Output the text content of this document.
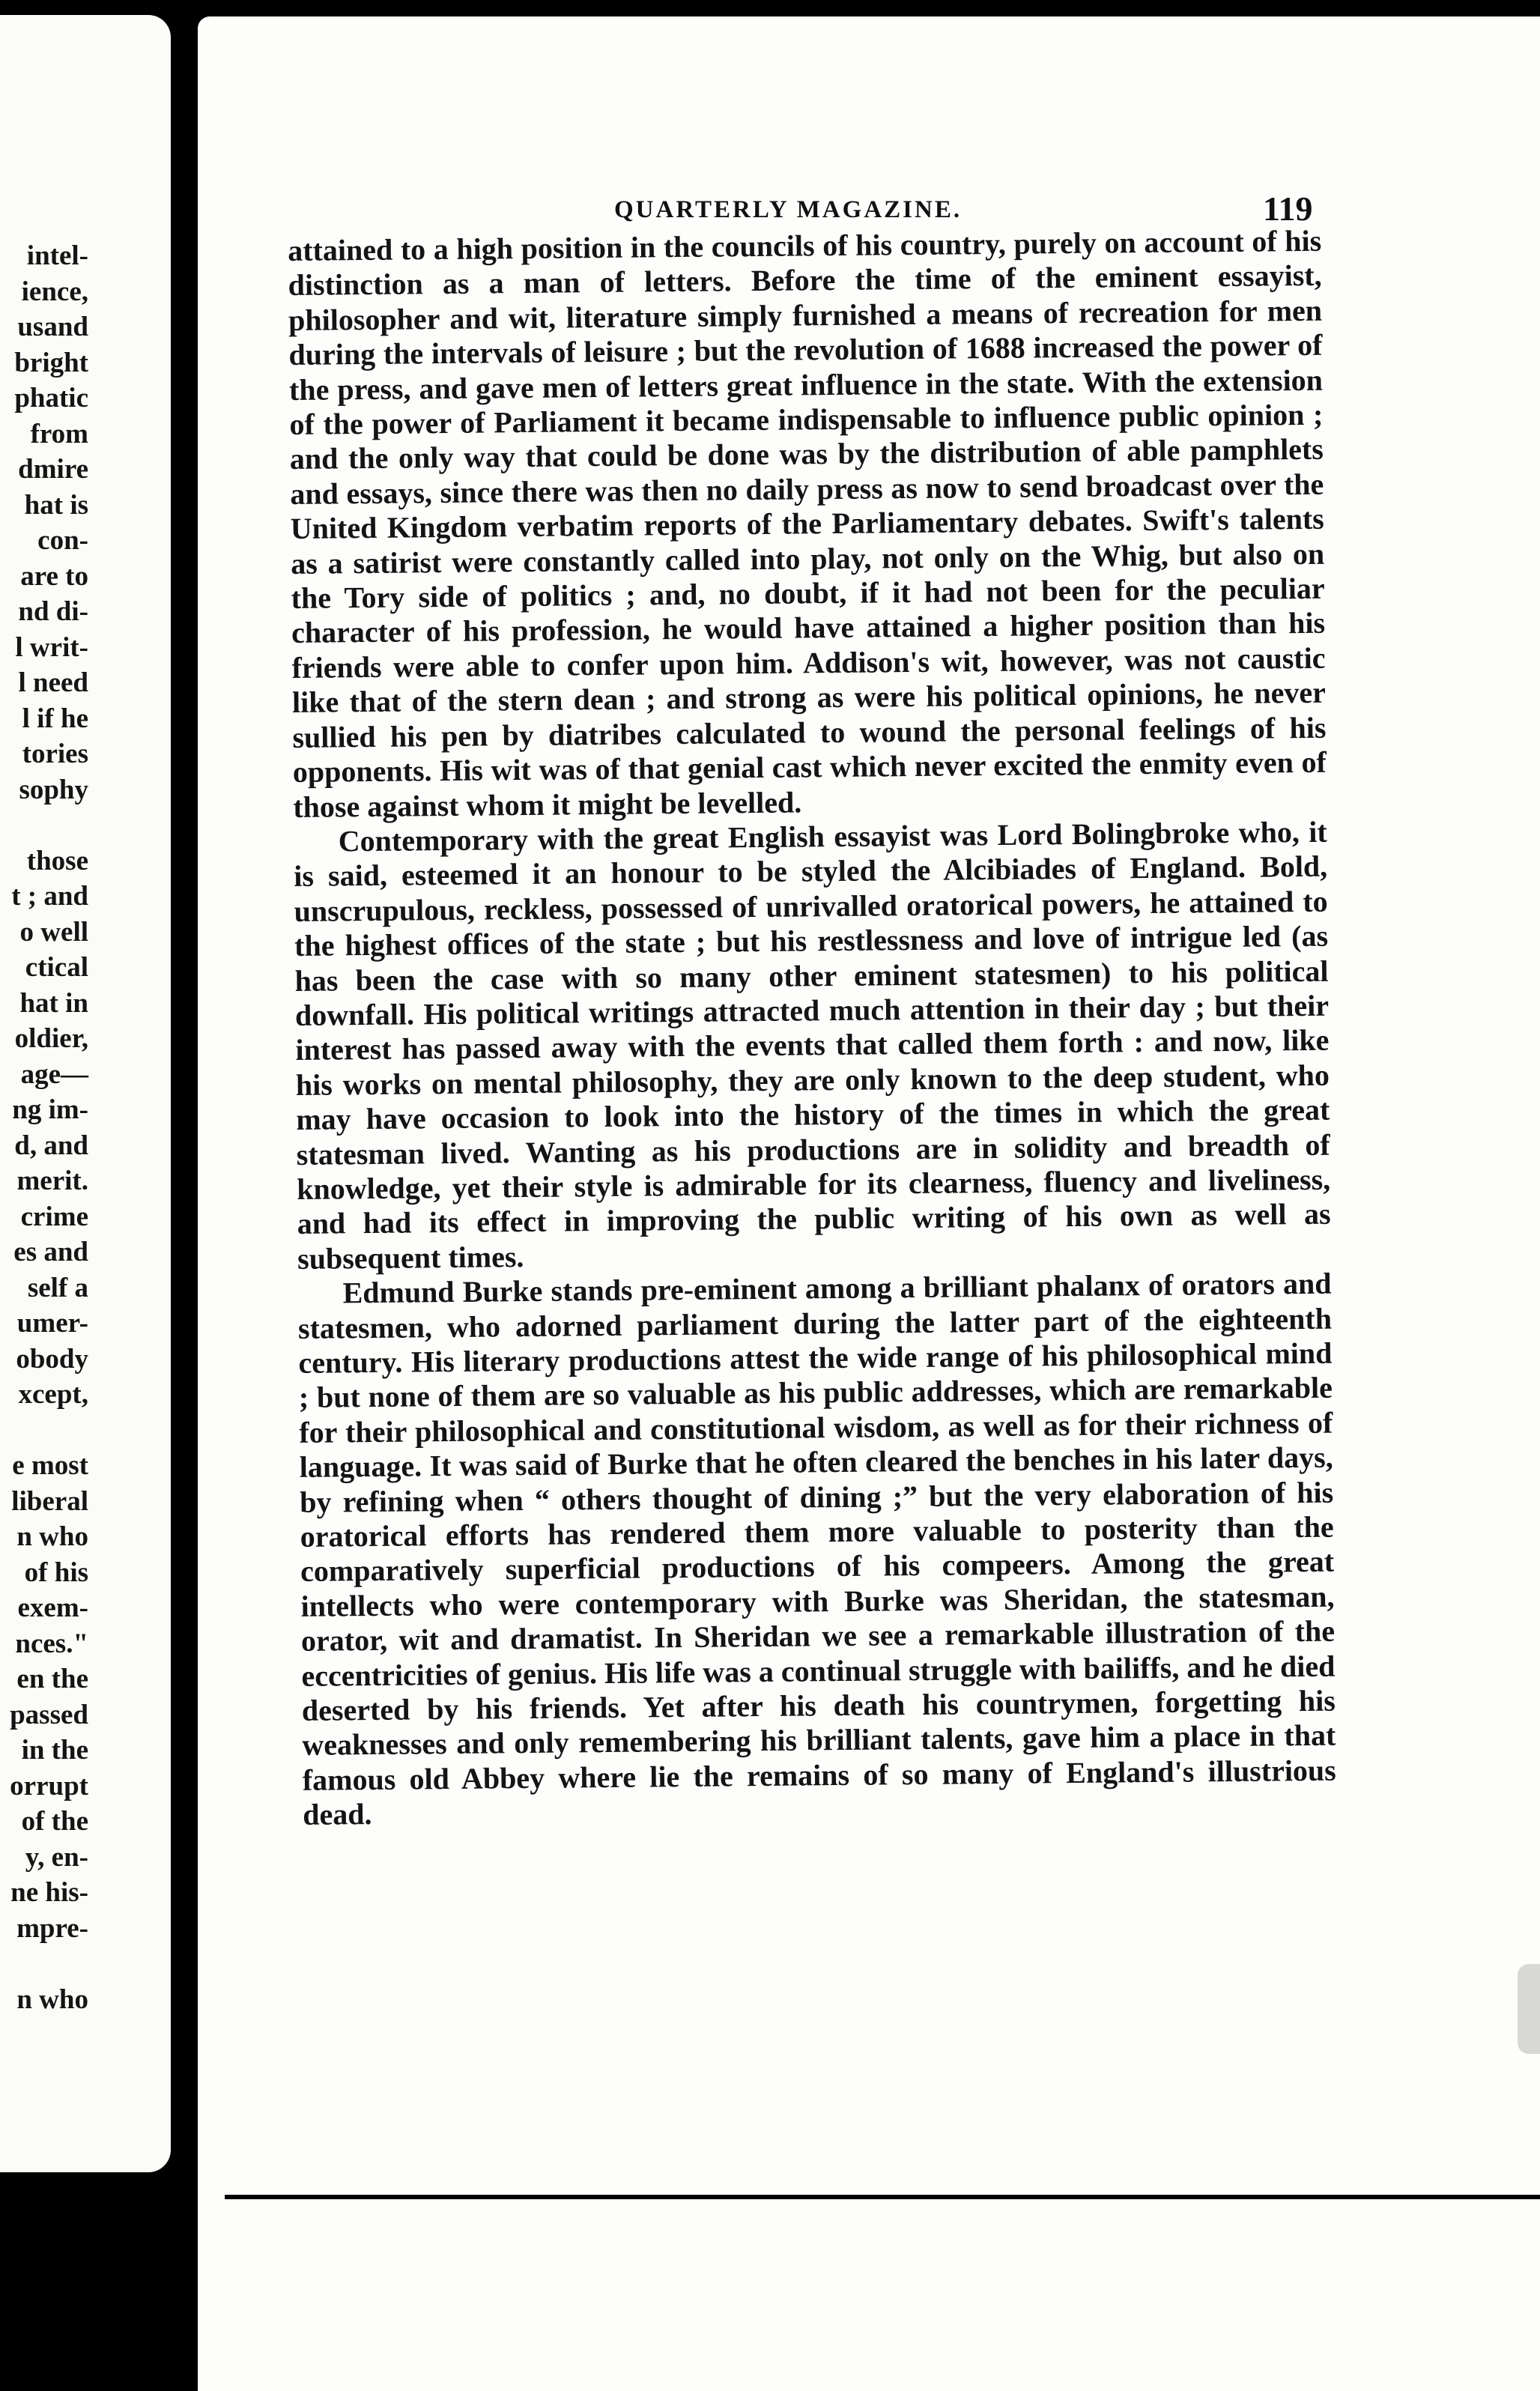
intel-
ience,
usand
bright
phatic
from
dmire
hat is
con-
are to
nd di-
l writ-
l need
l if he
tories
sophy
those
t ; and
o well
ctical
hat in
oldier,
age—
ng im-
d, and
merit.
crime
es and
self a
umer-
obody
xcept,
e most
liberal
n who
of his
exem-
nces."
en the
passed
in the
orrupt
of the
y, en-
ne his-
mpre-
n who
QUARTERLY MAGAZINE.	119

attained to a high position in the councils of his country, purely on account of his distinction as a man of letters. Before the time of the eminent essayist, philosopher and wit, literature simply furnished a means of recreation for men during the intervals of leisure ; but the revolution of 1688 increased the power of the press, and gave men of letters great influence in the state. With the extension of the power of Parliament it became indispensable to influence public opinion ; and the only way that could be done was by the distribution of able pamphlets and essays, since there was then no daily press as now to send broadcast over the United Kingdom verbatim reports of the Parliamentary debates. Swift's talents as a satirist were constantly called into play, not only on the Whig, but also on the Tory side of politics ; and, no doubt, if it had not been for the peculiar character of his profession, he would have attained a higher position than his friends were able to confer upon him. Addison's wit, however, was not caustic like that of the stern dean ; and strong as were his political opinions, he never sullied his pen by diatribes calculated to wound the personal feelings of his opponents. His wit was of that genial cast which never excited the enmity even of those against whom it might be levelled.

Contemporary with the great English essayist was Lord Bolingbroke who, it is said, esteemed it an honour to be styled the Alcibiades of England. Bold, unscrupulous, reckless, possessed of unrivalled oratorical powers, he attained to the highest offices of the state ; but his restlessness and love of intrigue led (as has been the case with so many other eminent statesmen) to his political downfall. His political writings attracted much attention in their day ; but their interest has passed away with the events that called them forth : and now, like his works on mental philosophy, they are only known to the deep student, who may have occasion to look into the history of the times in which the great statesman lived. Wanting as his productions are in solidity and breadth of knowledge, yet their style is admirable for its clearness, fluency and liveliness, and had its effect in improving the public writing of his own as well as subsequent times.

Edmund Burke stands pre-eminent among a brilliant phalanx of orators and statesmen, who adorned parliament during the latter part of the eighteenth century. His literary productions attest the wide range of his philosophical mind ; but none of them are so valuable as his public addresses, which are remarkable for their philosophical and constitutional wisdom, as well as for their richness of language. It was said of Burke that he often cleared the benches in his later days, by refining when “ others thought of dining ;” but the very elaboration of his oratorical efforts has rendered them more valuable to posterity than the comparatively superficial productions of his compeers. Among the great intellects who were contemporary with Burke was Sheridan, the statesman, orator, wit and dramatist. In Sheridan we see a remarkable illustration of the eccentricities of genius. His life was a continual struggle with bailiffs, and he died deserted by his friends. Yet after his death his countrymen, forgetting his weaknesses and only remembering his brilliant talents, gave him a place in that famous old Abbey where lie the remains of so many of England's illustrious dead.
